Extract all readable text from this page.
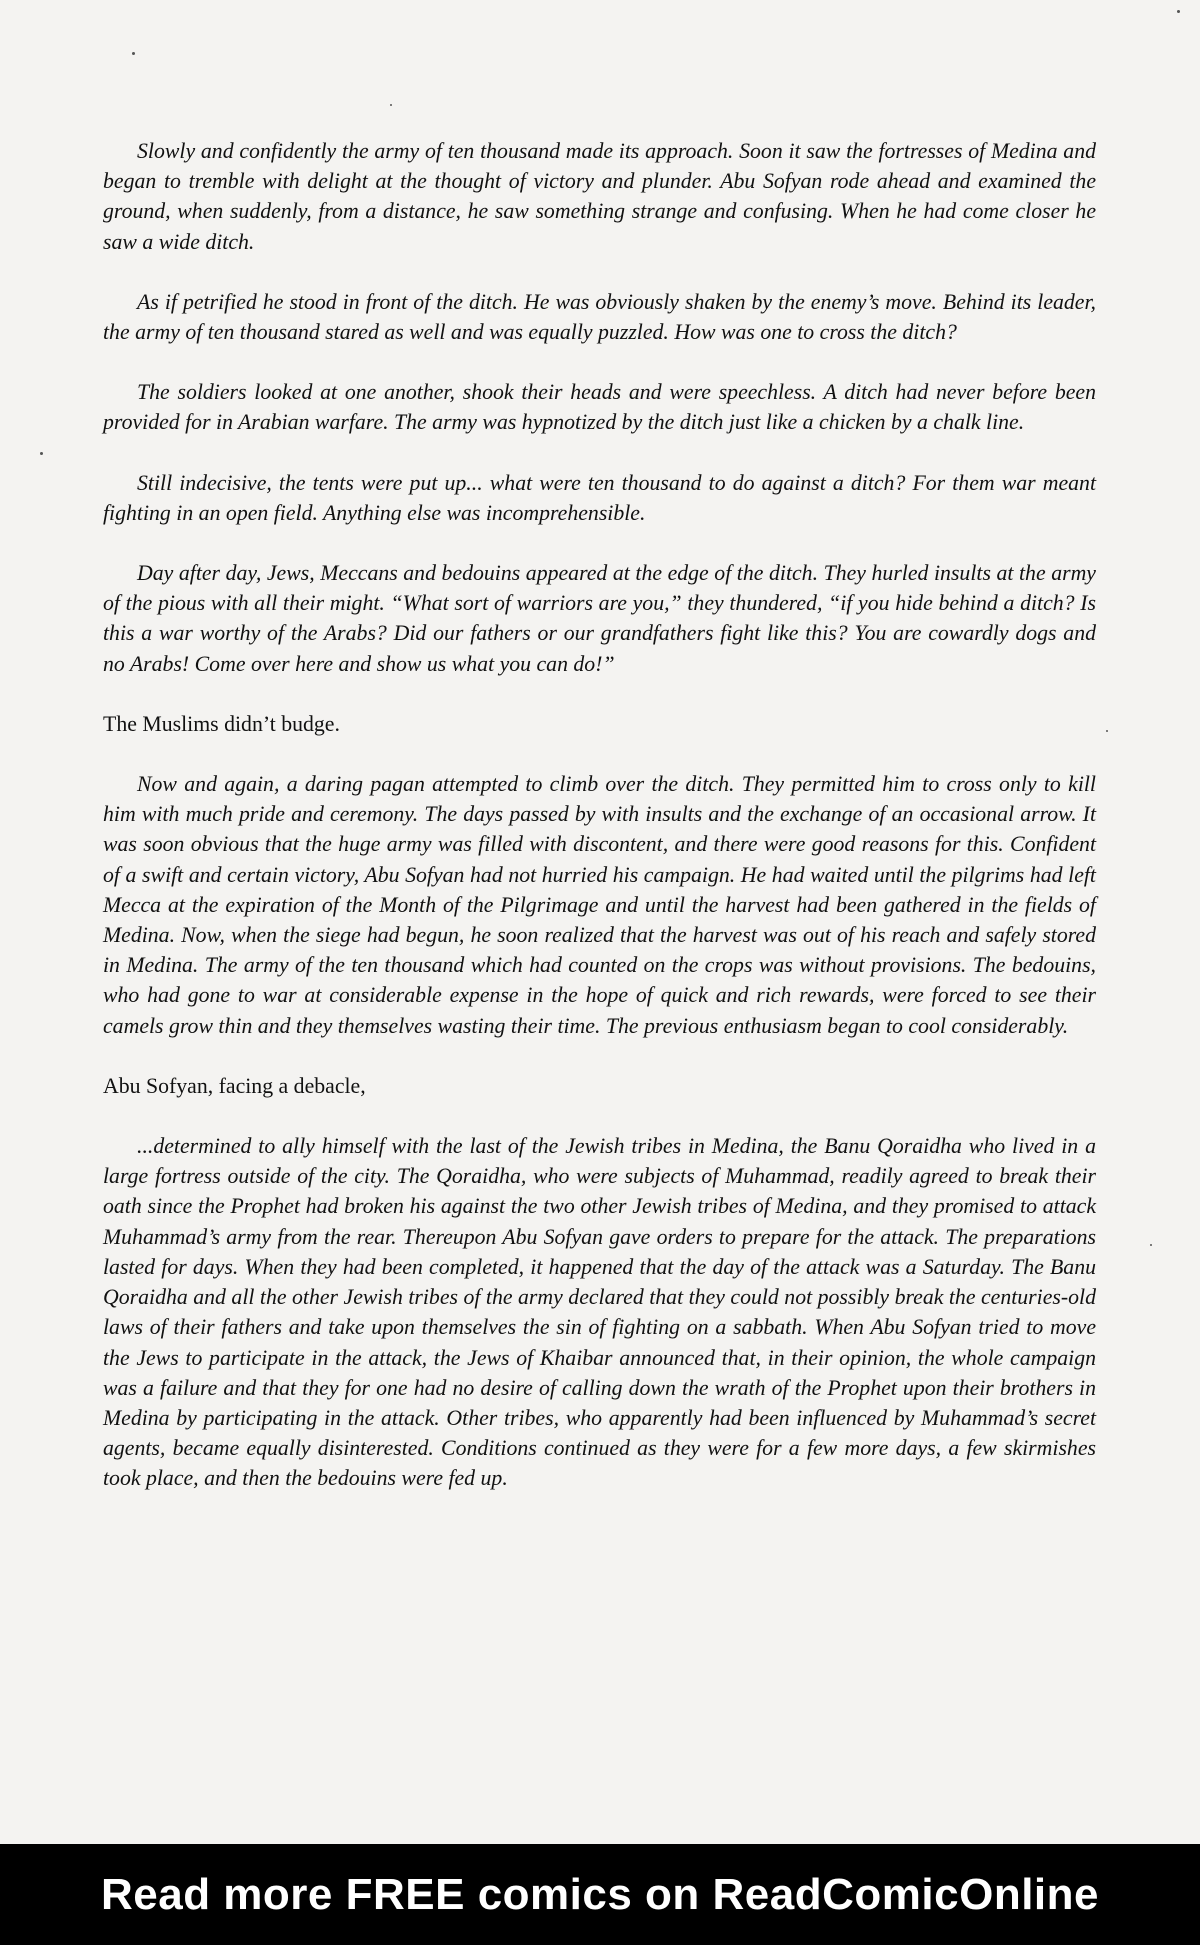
Slowly and confidently the army of ten thousand made its approach. Soon it saw the fortresses of Medina and began to tremble with delight at the thought of victory and plunder. Abu Sofyan rode ahead and examined the ground, when suddenly, from a distance, he saw something strange and confusing. When he had come closer he saw a wide ditch.

As if petrified he stood in front of the ditch. He was obviously shaken by the enemy’s move. Behind its leader, the army of ten thousand stared as well and was equally puzzled. How was one to cross the ditch?

The soldiers looked at one another, shook their heads and were speechless. A ditch had never before been provided for in Arabian warfare. The army was hypnotized by the ditch just like a chicken by a chalk line.

Still indecisive, the tents were put up... what were ten thousand to do against a ditch? For them war meant fighting in an open field. Anything else was incomprehensible.

Day after day, Jews, Meccans and bedouins appeared at the edge of the ditch. They hurled insults at the army of the pious with all their might. “What sort of warriors are you,” they thundered, “if you hide behind a ditch? Is this a war worthy of the Arabs? Did our fathers or our grandfathers fight like this? You are cowardly dogs and no Arabs! Come over here and show us what you can do!”

The Muslims didn’t budge.

Now and again, a daring pagan attempted to climb over the ditch. They permitted him to cross only to kill him with much pride and ceremony. The days passed by with insults and the exchange of an occasional arrow. It was soon obvious that the huge army was filled with discontent, and there were good reasons for this. Confident of a swift and certain victory, Abu Sofyan had not hurried his campaign. He had waited until the pilgrims had left Mecca at the expiration of the Month of the Pilgrimage and until the harvest had been gathered in the fields of Medina. Now, when the siege had begun, he soon realized that the harvest was out of his reach and safely stored in Medina. The army of the ten thousand which had counted on the crops was without provisions. The bedouins, who had gone to war at considerable expense in the hope of quick and rich rewards, were forced to see their camels grow thin and they themselves wasting their time. The previous enthusiasm began to cool considerably.

Abu Sofyan, facing a debacle,

...determined to ally himself with the last of the Jewish tribes in Medina, the Banu Qoraidha who lived in a large fortress outside of the city. The Qoraidha, who were subjects of Muhammad, readily agreed to break their oath since the Prophet had broken his against the two other Jewish tribes of Medina, and they promised to attack Muhammad’s army from the rear. Thereupon Abu Sofyan gave orders to prepare for the attack. The preparations lasted for days. When they had been completed, it happened that the day of the attack was a Saturday. The Banu Qoraidha and all the other Jewish tribes of the army declared that they could not possibly break the centuries-old laws of their fathers and take upon themselves the sin of fighting on a sabbath. When Abu Sofyan tried to move the Jews to participate in the attack, the Jews of Khaibar announced that, in their opinion, the whole campaign was a failure and that they for one had no desire of calling down the wrath of the Prophet upon their brothers in Medina by participating in the attack. Other tribes, who apparently had been influenced by Muhammad’s secret agents, became equally disinterested. Conditions continued as they were for a few more days, a few skirmishes took place, and then the bedouins were fed up.

Read more FREE comics on ReadComicOnline
